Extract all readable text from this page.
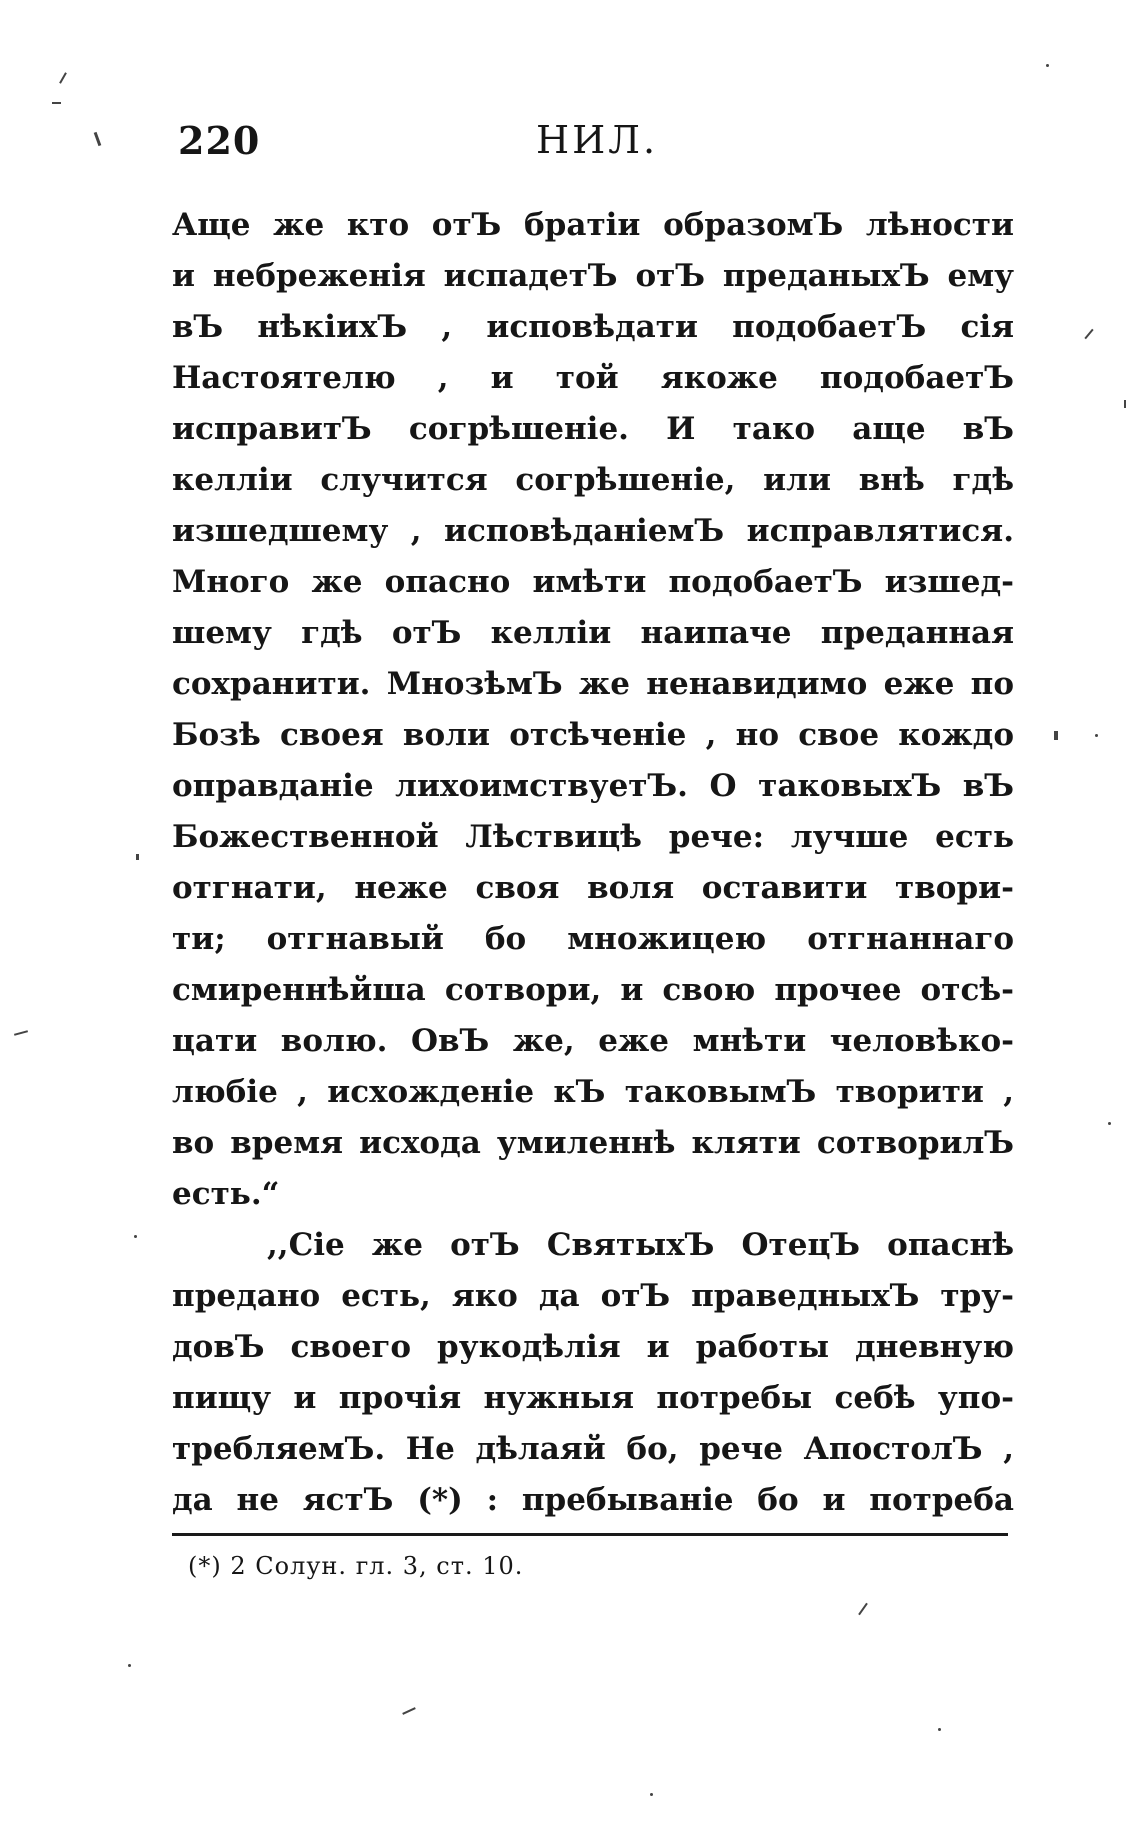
220	НИЛ.
Аще же кто отЪ братіи образомЪ лѣности
и небреженія испадетЪ отЪ преданыхЪ ему
вЪ нѣкіихЪ , исповѣдати подобаетЪ сія
Настоятелю , и той якоже подобаетЪ
исправитЪ согрѣшеніе. И тако аще вЪ
келліи случится согрѣшеніе, или внѣ гдѣ
изшедшему , исповѣданіемЪ исправлятися.
Много же опасно имѣти подобаетЪ изшед-
шему гдѣ отЪ келліи наипаче преданная
сохранити. МнозѣмЪ же ненавидимо еже по
Бозѣ своея воли отсѣченіе , но свое кождо
оправданіе лихоимствуетЪ. О таковыхЪ вЪ
Божественной Лѣствицѣ рече: лучше есть
отгнати, неже своя воля оставити твори-
ти; отгнавый бо множицею отгнаннаго
смиреннѣйша сотвори, и свою прочее отсѣ-
цати волю. ОвЪ же, еже мнѣти человѣко-
любіе , исхожденіе кЪ таковымЪ творити ,
во время исхода умиленнѣ кляти сотворилЪ
есть.“
,,Сіе же отЪ СвятыхЪ ОтецЪ опаснѣ
предано есть, яко да отЪ праведныхЪ тру-
довЪ своего рукодѣлія и работы дневную
пищу и прочія нужныя потребы себѣ упо-
требляемЪ. Не дѣлаяй бо, рече АпостолЪ ,
да не ястЪ (*) : пребываніе бо и потреба
(*) 2 Солун. гл. 3, ст. 10.
